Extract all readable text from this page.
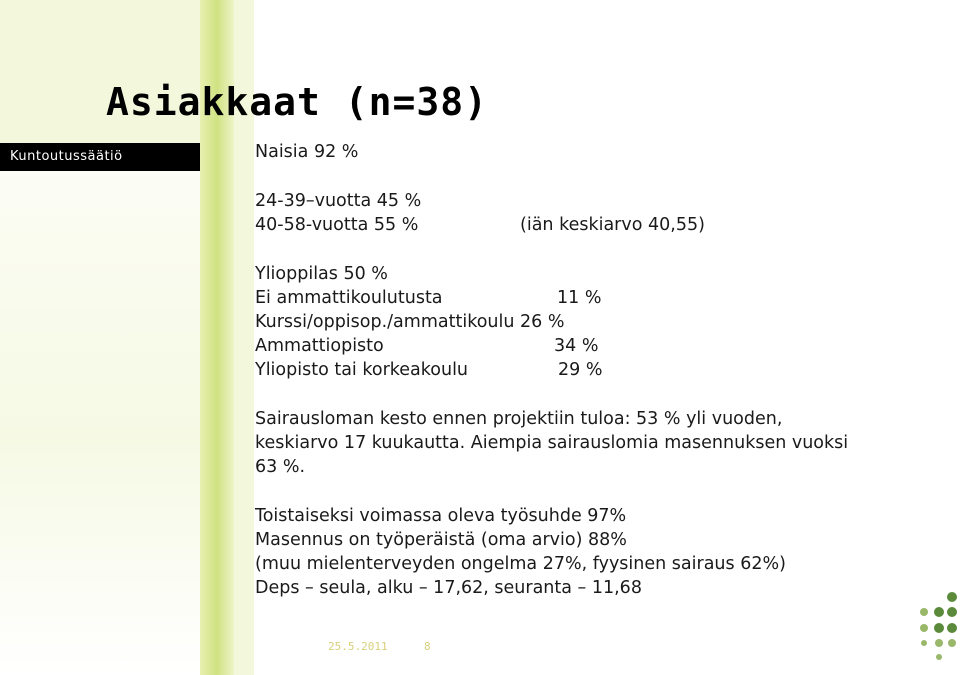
Asiakkaat (n=38)
Kuntoutussäätiö	Naisia 92 %
24-39–vuotta 45 %
40-58-vuotta 55 %	(iän keskiarvo 40,55)
Ylioppilas 50 %
Ei ammattikoulutusta	11 %
Kurssi/oppisop./ammattikoulu 26 %
Ammattiopisto	34 %
Yliopisto tai korkeakoulu	29 %
Sairausloman kesto ennen projektiin tuloa: 53 % yli vuoden, keskiarvo 17 kuukautta. Aiempia sairauslomia masennuksen vuoksi 63 %.
Toistaiseksi voimassa oleva työsuhde 97%
Masennus on työperäistä (oma arvio) 88%
(muu mielenterveyden ongelma 27%, fyysinen sairaus 62%)
Deps – seula, alku – 17,62, seuranta – 11,68
25.5.2011	8
